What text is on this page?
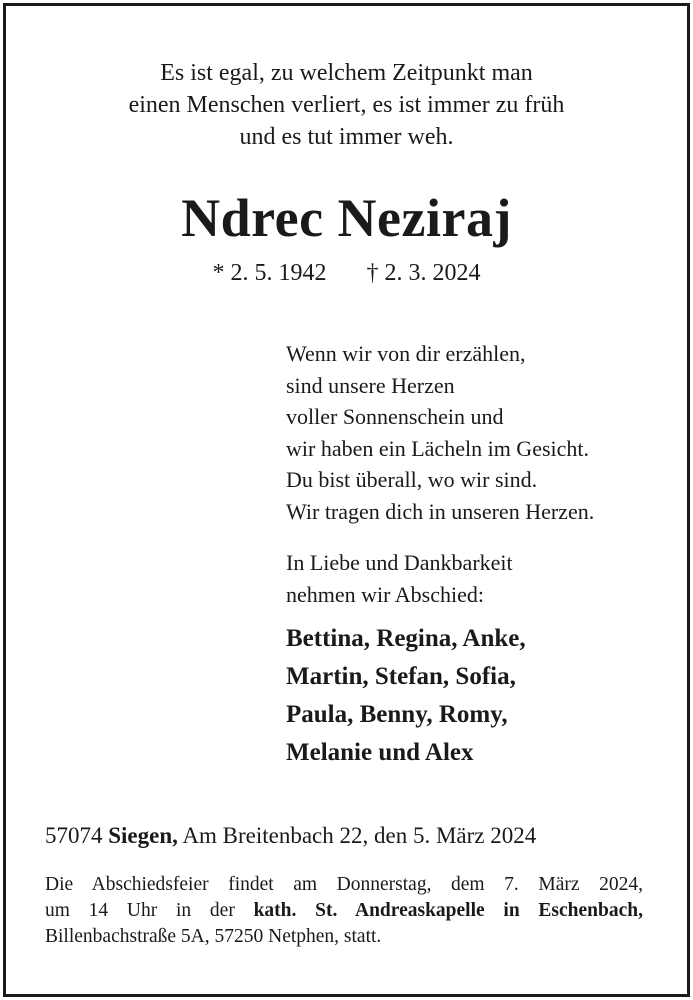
Es ist egal, zu welchem Zeitpunkt man
einen Menschen verliert, es ist immer zu früh
und es tut immer weh.
Ndrec Neziraj
* 2. 5. 1942 † 2. 3. 2024
Wenn wir von dir erzählen,
sind unsere Herzen
voller Sonnenschein und
wir haben ein Lächeln im Gesicht.
Du bist überall, wo wir sind.
Wir tragen dich in unseren Herzen.
In Liebe und Dankbarkeit
nehmen wir Abschied:
Bettina, Regina, Anke,
Martin, Stefan, Sofia,
Paula, Benny, Romy,
Melanie und Alex
57074 Siegen, Am Breitenbach 22, den 5. März 2024
Die Abschiedsfeier findet am Donnerstag, dem 7. März 2024,
um 14 Uhr in der kath. St. Andreaskapelle in Eschenbach,
Billenbachstraße 5A, 57250 Netphen, statt.
